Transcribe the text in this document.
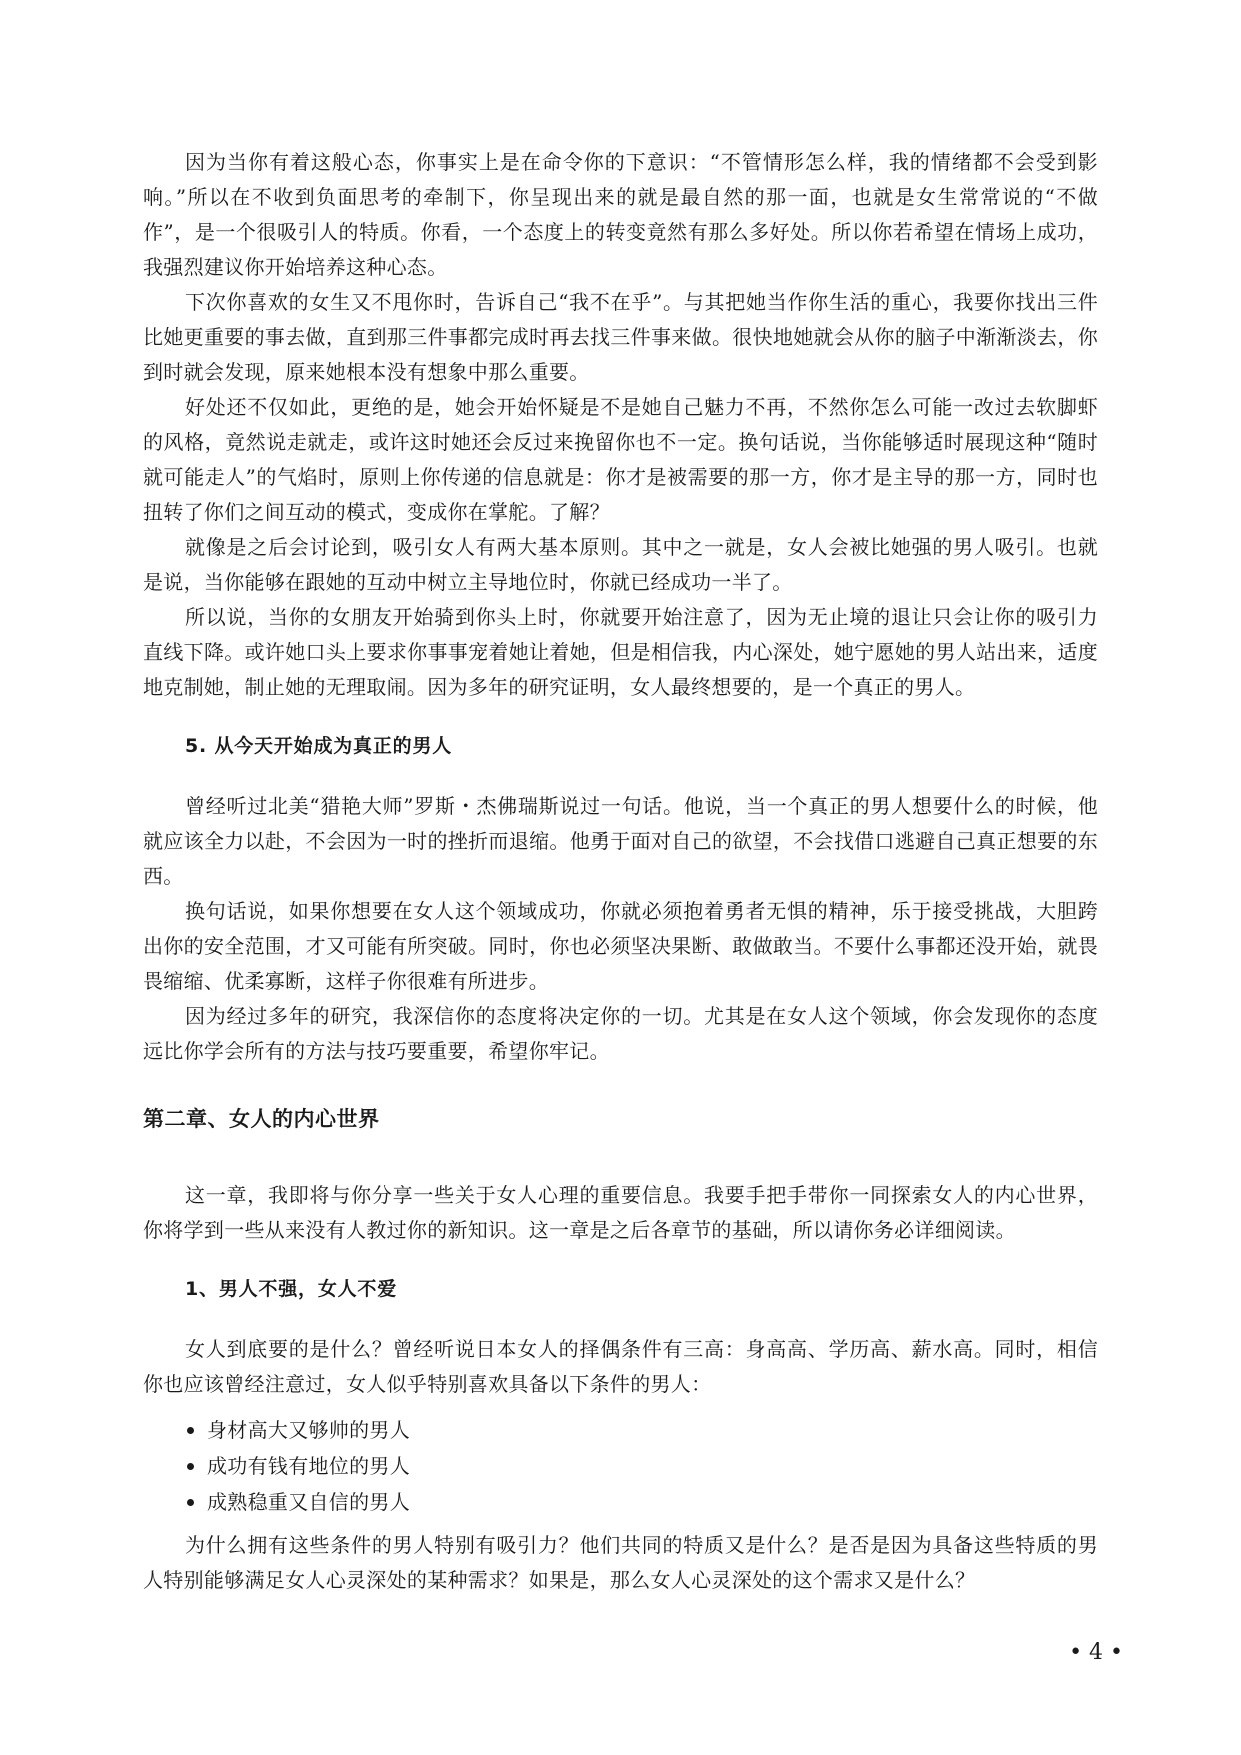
因为当你有着这般心态，你事实上是在命令你的下意识：“不管情形怎么样，我的情绪都不会受到影响。”所以在不收到负面思考的牵制下，你呈现出来的就是最自然的那一面，也就是女生常常说的“不做作”，是一个很吸引人的特质。你看，一个态度上的转变竟然有那么多好处。所以你若希望在情场上成功，我强烈建议你开始培养这种心态。

下次你喜欢的女生又不甩你时，告诉自己“我不在乎”。与其把她当作你生活的重心，我要你找出三件比她更重要的事去做，直到那三件事都完成时再去找三件事来做。很快地她就会从你的脑子中渐渐淡去，你到时就会发现，原来她根本没有想象中那么重要。

好处还不仅如此，更绝的是，她会开始怀疑是不是她自己魅力不再，不然你怎么可能一改过去软脚虾的风格，竟然说走就走，或许这时她还会反过来挽留你也不一定。换句话说，当你能够适时展现这种“随时就可能走人”的气焰时，原则上你传递的信息就是：你才是被需要的那一方，你才是主导的那一方，同时也扭转了你们之间互动的模式，变成你在掌舵。了解？

就像是之后会讨论到，吸引女人有两大基本原则。其中之一就是，女人会被比她强的男人吸引。也就是说，当你能够在跟她的互动中树立主导地位时，你就已经成功一半了。

所以说，当你的女朋友开始骑到你头上时，你就要开始注意了，因为无止境的退让只会让你的吸引力直线下降。或许她口头上要求你事事宠着她让着她，但是相信我，内心深处，她宁愿她的男人站出来，适度地克制她，制止她的无理取闹。因为多年的研究证明，女人最终想要的，是一个真正的男人。

5. 从今天开始成为真正的男人

曾经听过北美“猎艳大师”罗斯・杰佛瑞斯说过一句话。他说，当一个真正的男人想要什么的时候，他就应该全力以赴，不会因为一时的挫折而退缩。他勇于面对自己的欲望，不会找借口逃避自己真正想要的东西。

换句话说，如果你想要在女人这个领域成功，你就必须抱着勇者无惧的精神，乐于接受挑战，大胆跨出你的安全范围，才又可能有所突破。同时，你也必须坚决果断、敢做敢当。不要什么事都还没开始，就畏畏缩缩、优柔寡断，这样子你很难有所进步。

因为经过多年的研究，我深信你的态度将决定你的一切。尤其是在女人这个领域，你会发现你的态度远比你学会所有的方法与技巧要重要，希望你牢记。

第二章、女人的内心世界

这一章，我即将与你分享一些关于女人心理的重要信息。我要手把手带你一同探索女人的内心世界，你将学到一些从来没有人教过你的新知识。这一章是之后各章节的基础，所以请你务必详细阅读。

1、男人不强，女人不爱

女人到底要的是什么？曾经听说日本女人的择偶条件有三高：身高高、学历高、薪水高。同时，相信你也应该曾经注意过，女人似乎特别喜欢具备以下条件的男人：

身材高大又够帅的男人
成功有钱有地位的男人
成熟稳重又自信的男人

为什么拥有这些条件的男人特别有吸引力？他们共同的特质又是什么？是否是因为具备这些特质的男人特别能够满足女人心灵深处的某种需求？如果是，那么女人心灵深处的这个需求又是什么？

• 4 •
